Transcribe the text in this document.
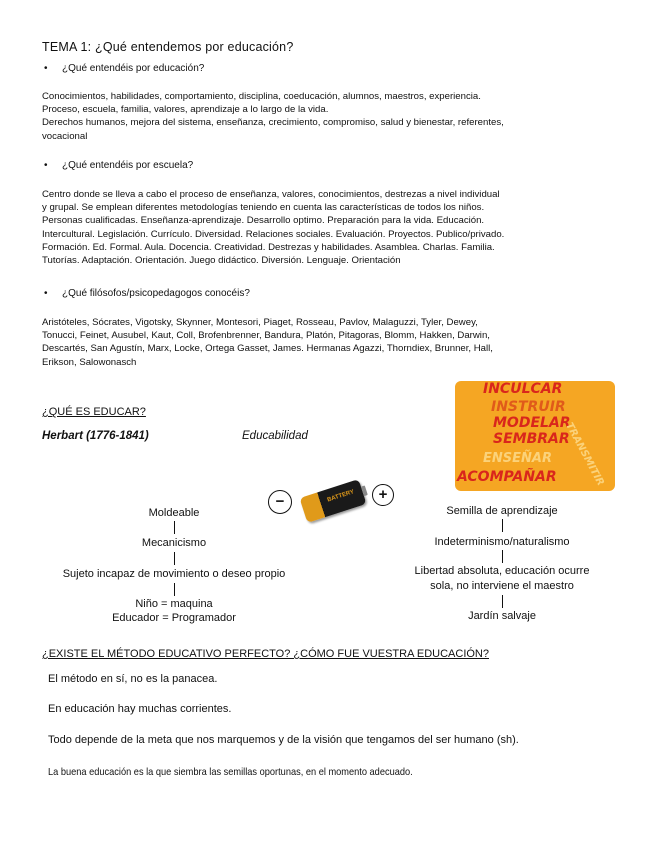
TEMA 1: ¿Qué entendemos por educación?
• ¿Qué entendéis por educación?

Conocimientos, habilidades, comportamiento, disciplina, coeducación, alumnos, maestros, experiencia.

Proceso, escuela, familia, valores, aprendizaje a lo largo de la vida.

Derechos humanos, mejora del sistema, enseñanza, crecimiento, compromiso, salud y bienestar, referentes,

vocacional

• ¿Qué entendéis por escuela?

Centro donde se lleva a cabo el proceso de enseñanza, valores, conocimientos, destrezas a nivel individual

y grupal. Se emplean diferentes metodologías teniendo en cuenta las características de todos los niños.

Personas cualificadas. Enseñanza-aprendizaje. Desarrollo optimo. Preparación para la vida. Educación.

Intercultural. Legislación. Currículo. Diversidad. Relaciones sociales. Evaluación. Proyectos. Publico/privado.

Formación. Ed. Formal. Aula. Docencia. Creatividad. Destrezas y habilidades. Asamblea. Charlas. Familia.

Tutorías. Adaptación. Orientación. Juego didáctico. Diversión. Lenguaje. Orientación

• ¿Qué filósofos/psicopedagogos conocéis?

Aristóteles, Sócrates, Vigotsky, Skynner, Montesori, Piaget, Rosseau, Pavlov, Malaguzzi, Tyler, Dewey,

Tonucci, Feinet, Ausubel, Kaut, Coll, Brofenbrenner, Bandura, Platón, Pitagoras, Blomm, Hakken, Darwin,

Descartés, San Agustín, Marx, Locke, Ortega Gasset, James. Hermanas Agazzi, Thorndiex, Brunner, Hall,

Erikson, Salowonasch

¿QUÉ ES EDUCAR?
INCULCAR
INSTRUIR
MODELAR
SEMBRAR
ENSEÑAR
ACOMPAÑAR TRANSMITIR
Herbart (1776-1841)	Educabilidad
−	+
BATTERY
Moldeable
Mecanicismo
Sujeto incapaz de movimiento o deseo propio
Niño = maquina
Educador = Programador
Semilla de aprendizaje
Indeterminismo/naturalismo
Libertad absoluta, educación ocurre
sola, no interviene el maestro
Jardín salvaje
¿EXISTE EL MÉTODO EDUCATIVO PERFECTO? ¿CÓMO FUE VUESTRA EDUCACIÓN?
El método en sí, no es la panacea.
En educación hay muchas corrientes.
Todo depende de la meta que nos marquemos y de la visión que tengamos del ser humano (sh).
La buena educación es la que siembra las semillas oportunas, en el momento adecuado.
